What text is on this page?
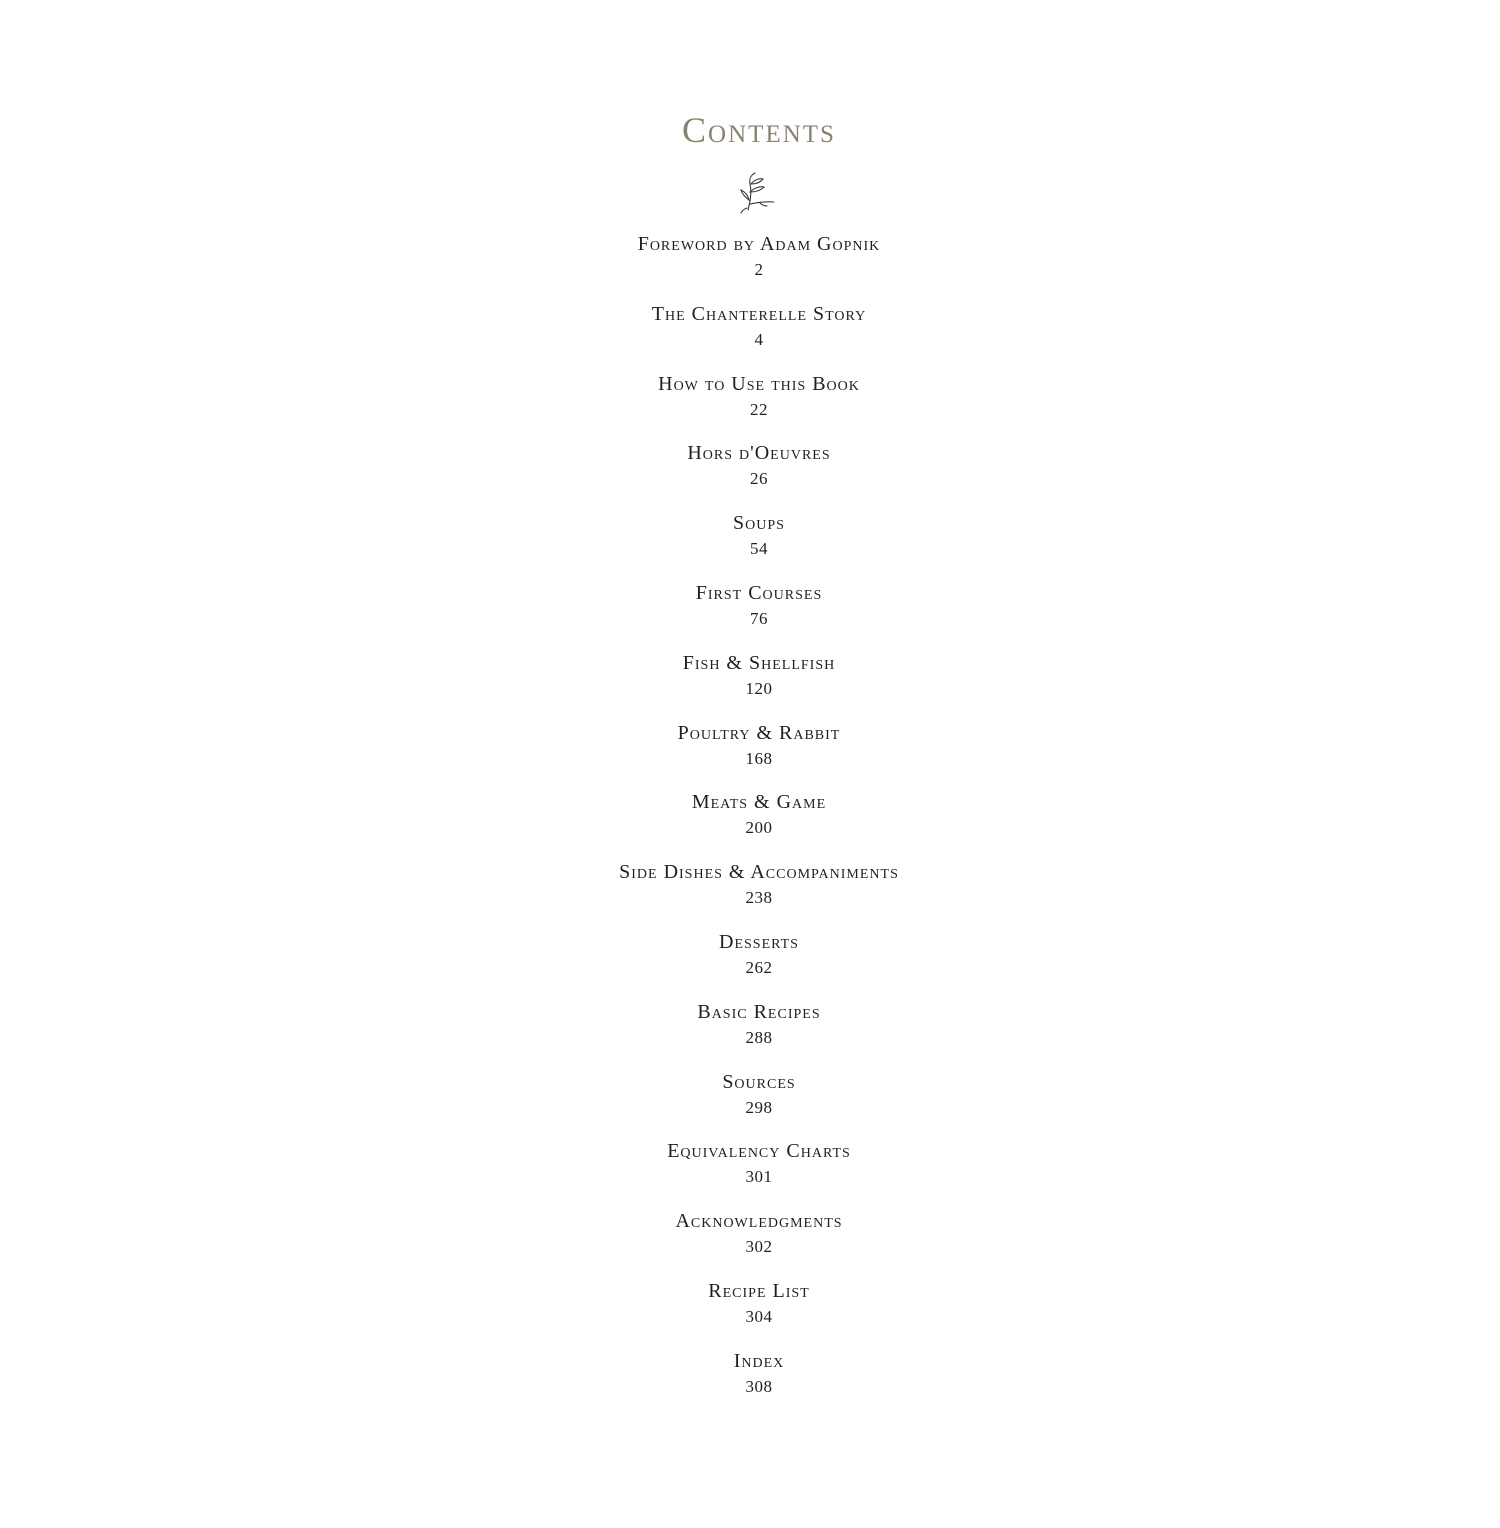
Contents
Foreword by Adam Gopnik
2
The Chanterelle Story
4
How to Use this Book
22
Hors d'Oeuvres
26
Soups
54
First Courses
76
Fish & Shellfish
120
Poultry & Rabbit
168
Meats & Game
200
Side Dishes & Accompaniments
238
Desserts
262
Basic Recipes
288
Sources
298
Equivalency Charts
301
Acknowledgments
302
Recipe List
304
Index
308
